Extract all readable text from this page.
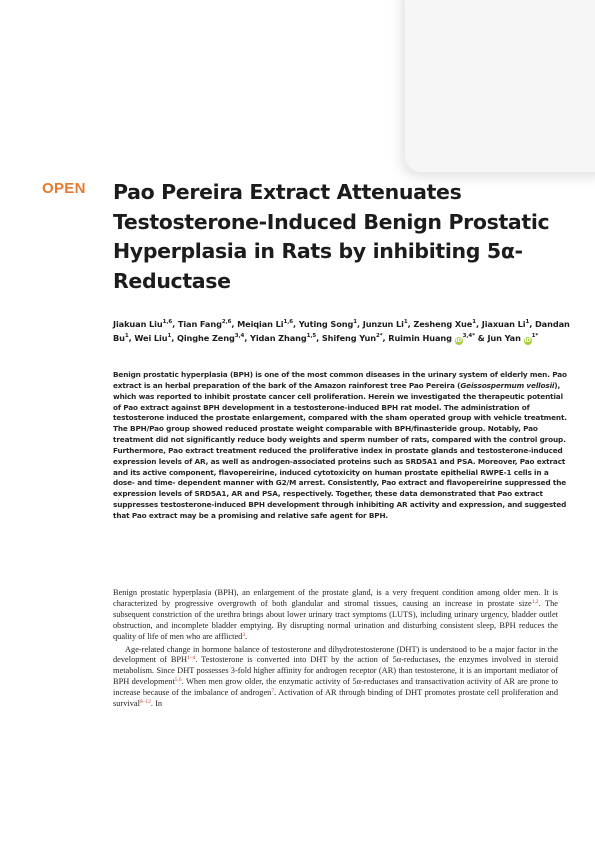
OPEN Pao Pereira Extract Attenuates Testosterone-Induced Benign Prostatic Hyperplasia in Rats by inhibiting 5α-Reductase

Jiakuan Liu$^{1,6}$, Tian Fang$^{2,6}$, Meiqian Li$^{1,6}$, Yuting Song$^1$, Junzun Li$^1$, Zesheng Xue$^1$, Jiaxuan Li$^1$, Dandan Bu$^1$, Wei Liu$^1$, Qinghe Zeng$^{3,4}$, Yidan Zhang$^{1,5}$, Shifeng Yun$^{2*}$, Ruimin Huang $iD^{3,4*}$ & Jun Yan $iD^{1*}$

Benign prostatic hyperplasia (BPH) is one of the most common diseases in the urinary system of elderly men. Pao extract is an herbal preparation of the bark of the Amazon rainforest tree Pao Pereira (Geissospermum vellosii), which was reported to inhibit prostate cancer cell proliferation. Herein we investigated the therapeutic potential of Pao extract against BPH development in a testosterone-induced BPH rat model. The administration of testosterone induced the prostate enlargement, compared with the sham operated group with vehicle treatment. The BPH/Pao group showed reduced prostate weight comparable with BPH/finasteride group. Notably, Pao treatment did not significantly reduce body weights and sperm number of rats, compared with the control group. Furthermore, Pao extract treatment reduced the proliferative index in prostate glands and testosterone-induced expression levels of AR, as well as androgen-associated proteins such as SRD5A1 and PSA. Moreover, Pao extract and its active component, flavopereirine, induced cytotoxicity on human prostate epithelial RWPE-1 cells in a dose- and time- dependent manner with G2/M arrest. Consistently, Pao extract and flavopereirine suppressed the expression levels of SRD5A1, AR and PSA, respectively. Together, these data demonstrated that Pao extract suppresses testosterone-induced BPH development through inhibiting AR activity and expression, and suggested that Pao extract may be a promising and relative safe agent for BPH.

Benign prostatic hyperplasia (BPH), an enlargement of the prostate gland, is a very frequent condition among older men. It is characterized by progressive overgrowth of both glandular and stromal tissues, causing an increase in prostate size$^{1,2}$. The subsequent constriction of the urethra brings about lower urinary tract symptoms (LUTS), including urinary urgency, bladder outlet obstruction, and incomplete bladder emptying. By disrupting normal urination and disturbing consistent sleep, BPH reduces the quality of life of men who are afflicted$^3$.

Age-related change in hormone balance of testosterone and dihydrotestosterone (DHT) is understood to be a major factor in the development of BPH$^{1-4}$. Testosterone is converted into DHT by the action of 5α-reductases, the enzymes involved in steroid metabolism. Since DHT possesses 3-fold higher affinity for androgen receptor (AR) than testosterone, it is an important mediator of BPH development$^{5,6}$. When men grow older, the enzymatic activity of 5α-reductases and transactivation activity of AR are prone to increase because of the imbalance of androgen$^7$. Activation of AR through binding of DHT promotes prostate cell proliferation and survival$^{8-12}$. In
